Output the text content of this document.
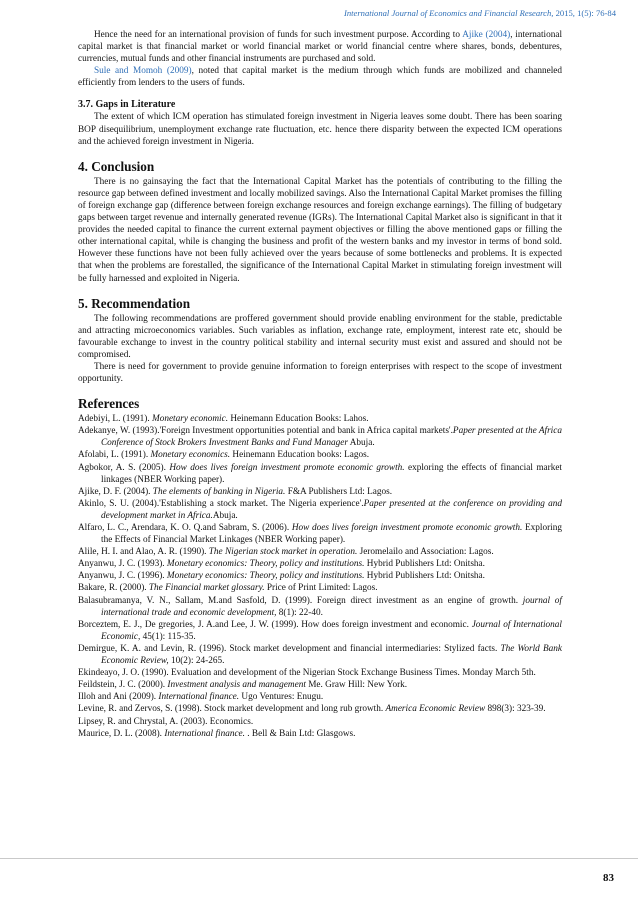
International Journal of Economics and Financial Research, 2015, 1(5): 76-84

Hence the need for an international provision of funds for such investment purpose. According to Ajike (2004), international capital market is that financial market or world financial market or world financial centre where shares, bonds, debentures, currencies, mutual funds and other financial instruments are purchased and sold.

Sule and Momoh (2009), noted that capital market is the medium through which funds are mobilized and channeled efficiently from lenders to the users of funds.

3.7. Gaps in Literature

The extent of which ICM operation has stimulated foreign investment in Nigeria leaves some doubt. There has been soaring BOP disequilibrium, unemployment exchange rate fluctuation, etc. hence there disparity between the expected ICM operations and the achieved foreign investment in Nigeria.

4. Conclusion

There is no gainsaying the fact that the International Capital Market has the potentials of contributing to the filling the resource gap between defined investment and locally mobilized savings. Also the International Capital Market promises the filling of foreign exchange gap (difference between foreign exchange resources and foreign exchange earnings). The filling of budgetary gaps between target revenue and internally generated revenue (IGRs). The International Capital Market also is significant in that it provides the needed capital to finance the current external payment objectives or filling the above mentioned gaps or filling the other international capital, while is changing the business and profit of the western banks and my investor in terms of bond sold. However these functions have not been fully achieved over the years because of some bottlenecks and problems. It is expected that when the problems are forestalled, the significance of the International Capital Market in stimulating foreign investment will be fully harnessed and exploited in Nigeria.

5. Recommendation

The following recommendations are proffered government should provide enabling environment for the stable, predictable and attracting microeconomics variables. Such variables as inflation, exchange rate, employment, interest rate etc, should be favourable exchange to invest in the country political stability and internal security must exist and assured and should not be compromised.

There is need for government to provide genuine information to foreign enterprises with respect to the scope of investment opportunity.

References

Adebiyi, L. (1991). Monetary economic. Heinemann Education Books: Lahos.

Adekanye, W. (1993).'Foreign Investment opportunities potential and bank in Africa capital markets'.Paper presented at the Africa Conference of Stock Brokers Investment Banks and Fund Manager Abuja.

Afolabi, L. (1991). Monetary economics. Heinemann Education books: Lagos.

Agbokor, A. S. (2005). How does lives foreign investment promote economic growth. exploring the effects of financial market linkages (NBER Working paper).

Ajike, D. F. (2004). The elements of banking in Nigeria. F&A Publishers Ltd: Lagos.

Akinlo, S. U. (2004).'Establishing a stock market. The Nigeria experience'.Paper presented at the conference on providing and development market in Africa.Abuja.

Alfaro, L. C., Arendara, K. O. Q.and Sabram, S. (2006). How does lives foreign investment promote economic growth. Exploring the Effects of Financial Market Linkages (NBER Working paper).

Alile, H. I. and Alao, A. R. (1990). The Nigerian stock market in operation. Jeromelailo and Association: Lagos.

Anyanwu, J. C. (1993). Monetary economics: Theory, policy and institutions. Hybrid Publishers Ltd: Onitsha.

Anyanwu, J. C. (1996). Monetary economics: Theory, policy and institutions. Hybrid Publishers Ltd: Onitsha.

Bakare, R. (2000). The Financial market glossary. Price of Print Limited: Lagos.

Balasubramanya, V. N., Sallam, M.and Sasfold, D. (1999). Foreign direct investment as an engine of growth. journal of international trade and economic development, 8(1): 22-40.

Borceztem, E. J., De gregories, J. A.and Lee, J. W. (1999). How does foreign investment and economic. Journal of International Economic, 45(1): 115-35.

Demirgue, K. A. and Levin, R. (1996). Stock market development and financial intermediaries: Stylized facts. The World Bank Economic Review, 10(2): 24-265.

Ekindeayo, J. O. (1990). Evaluation and development of the Nigerian Stock Exchange Business Times. Monday March 5th.

Feildstein, J. C. (2000). Investment analysis and management Me. Graw Hill: New York.

Illoh and Ani (2009). International finance. Ugo Ventures: Enugu.

Levine, R. and Zervos, S. (1998). Stock market development and long rub growth. America Economic Review 898(3): 323-39.

Lipsey, R. and Chrystal, A. (2003). Economics.

Maurice, D. L. (2008). International finance. . Bell & Bain Ltd: Glasgows.

83
